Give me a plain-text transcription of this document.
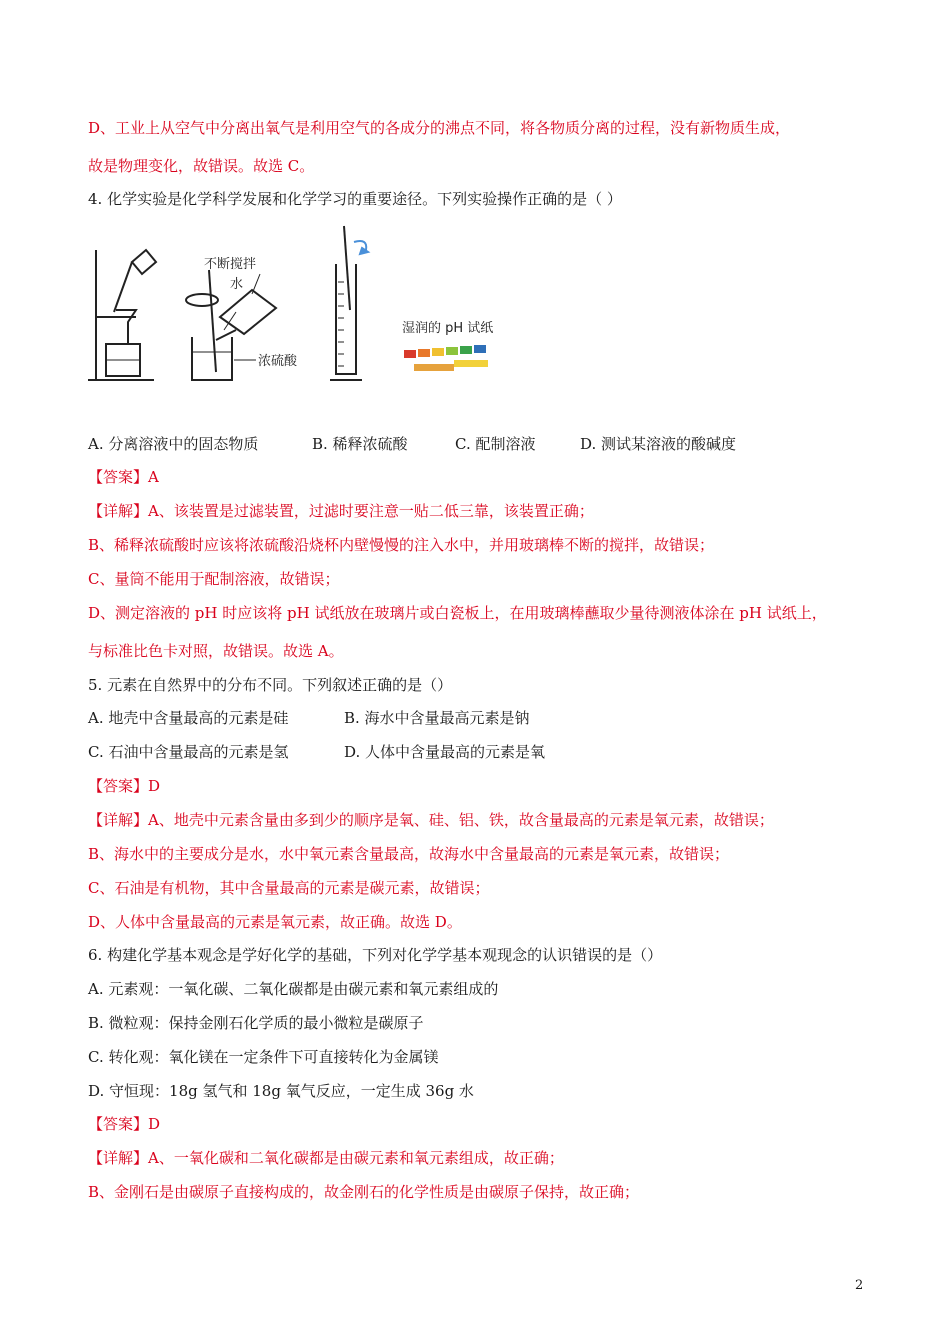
D、工业上从空气中分离出氧气是利用空气的各成分的沸点不同，将各物质分离的过程，没有新物质生成，
故是物理变化，故错误。故选 C。
4. 化学实验是化学科学发展和化学学习的重要途径。下列实验操作正确的是（ ）
不断搅拌
水
浓硫酸
湿润的 pH 试纸
A. 分离溶液中的固态物质	B. 稀释浓硫酸	C. 配制溶液	D. 测试某溶液的酸碱度
【答案】A
【详解】A、该装置是过滤装置，过滤时要注意一贴二低三靠，该装置正确；
B、稀释浓硫酸时应该将浓硫酸沿烧杯内壁慢慢的注入水中，并用玻璃棒不断的搅拌，故错误；
C、量筒不能用于配制溶液，故错误；
D、测定溶液的 pH 时应该将 pH 试纸放在玻璃片或白瓷板上，在用玻璃棒蘸取少量待测液体涂在 pH 试纸上，
与标准比色卡对照，故错误。故选 A。
5. 元素在自然界中的分布不同。下列叙述正确的是（）
A. 地壳中含量最高的元素是硅	B. 海水中含量最高元素是钠
C. 石油中含量最高的元素是氢	D. 人体中含量最高的元素是氧
【答案】D
【详解】A、地壳中元素含量由多到少的顺序是氧、硅、铝、铁，故含量最高的元素是氧元素，故错误；
B、海水中的主要成分是水，水中氧元素含量最高，故海水中含量最高的元素是氧元素，故错误；
C、石油是有机物，其中含量最高的元素是碳元素，故错误；
D、人体中含量最高的元素是氧元素，故正确。故选 D。
6. 构建化学基本观念是学好化学的基础，下列对化学学基本观现念的认识错误的是（）
A. 元素观：一氧化碳、二氧化碳都是由碳元素和氧元素组成的
B. 微粒观：保持金刚石化学质的最小微粒是碳原子
C. 转化观：氧化镁在一定条件下可直接转化为金属镁
D. 守恒现：18g 氢气和 18g 氧气反应，一定生成 36g 水
【答案】D
【详解】A、一氧化碳和二氧化碳都是由碳元素和氧元素组成，故正确；
B、金刚石是由碳原子直接构成的，故金刚石的化学性质是由碳原子保持，故正确；
2
